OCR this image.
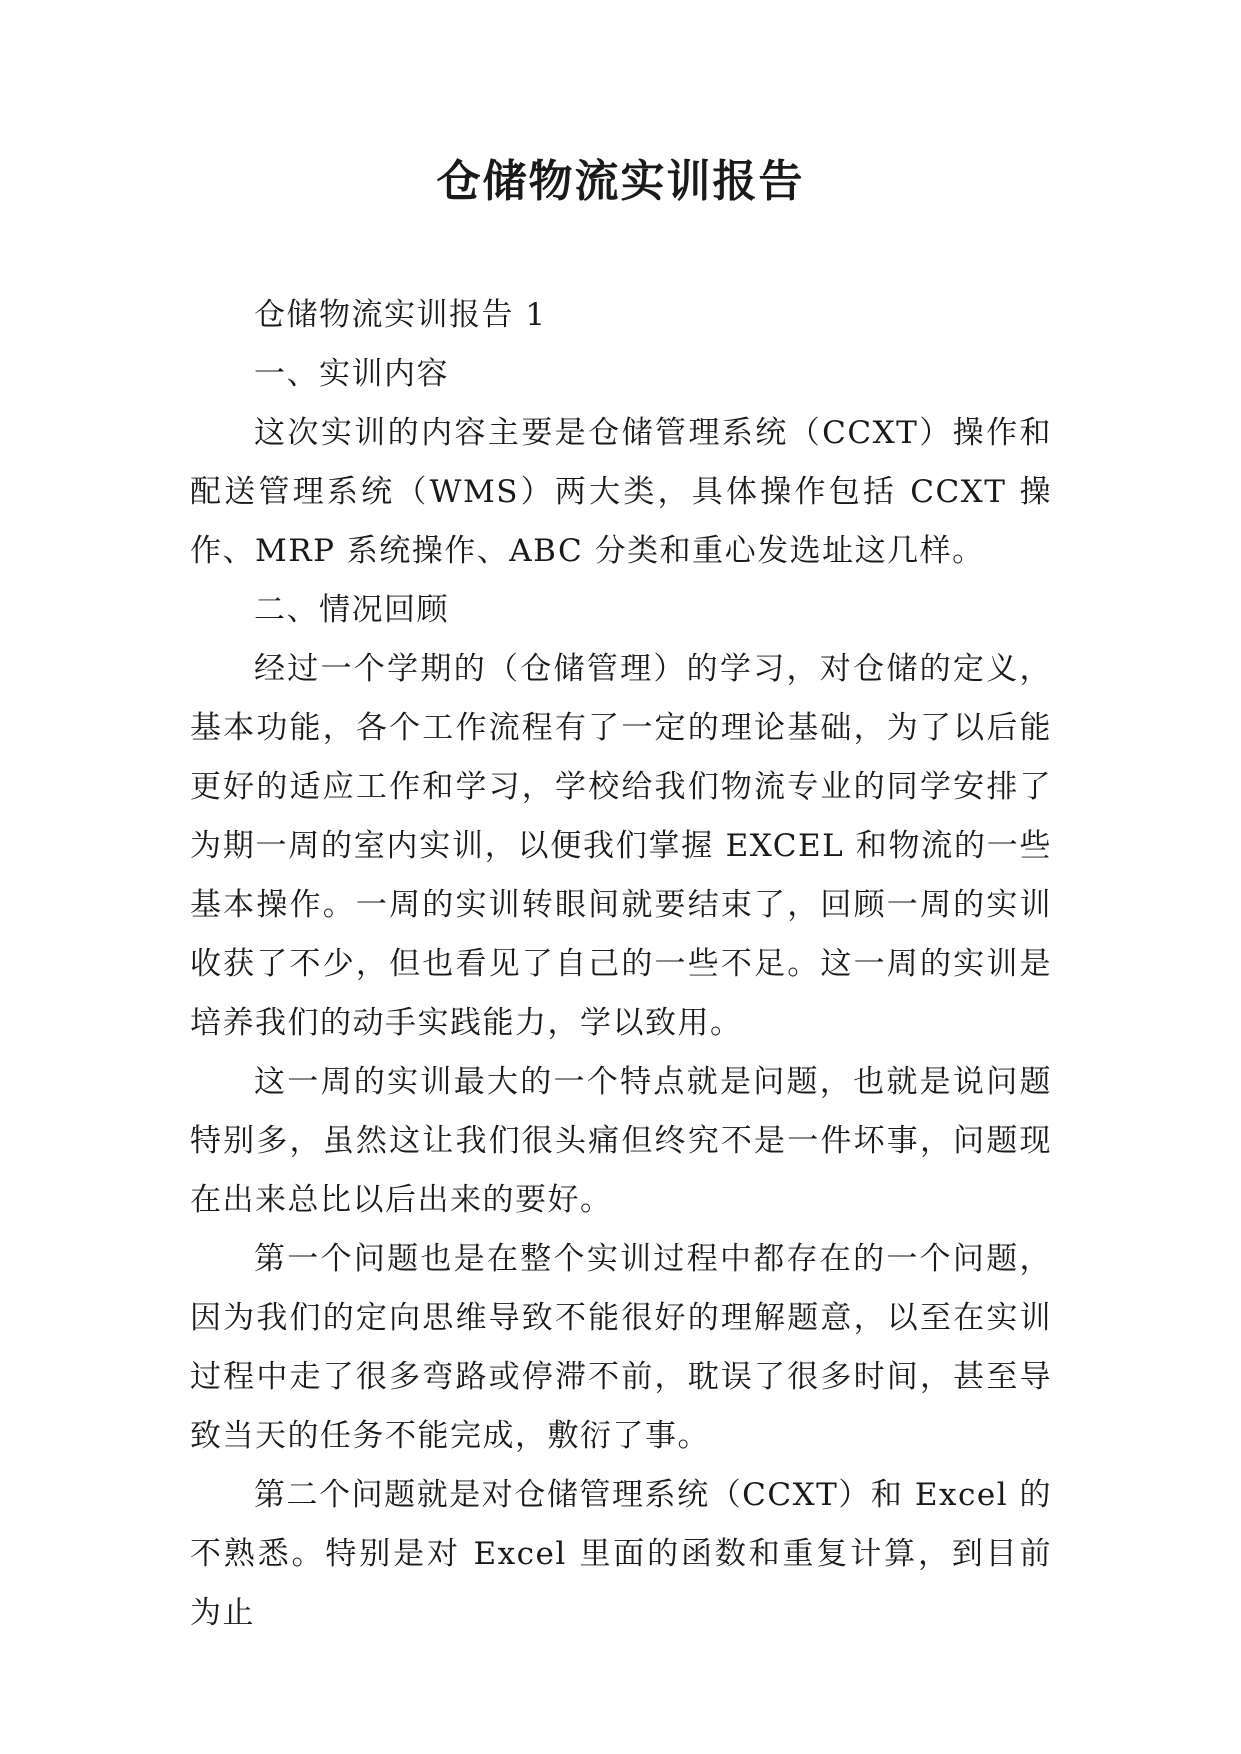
仓储物流实训报告

仓储物流实训报告 1

一、实训内容

这次实训的内容主要是仓储管理系统（CCXT）操作和配送管理系统（WMS）两大类，具体操作包括 CCXT 操作、MRP 系统操作、ABC 分类和重心发选址这几样。

二、情况回顾

经过一个学期的（仓储管理）的学习，对仓储的定义，基本功能，各个工作流程有了一定的理论基础，为了以后能更好的适应工作和学习，学校给我们物流专业的同学安排了为期一周的室内实训，以便我们掌握 EXCEL 和物流的一些基本操作。一周的实训转眼间就要结束了，回顾一周的实训收获了不少，但也看见了自己的一些不足。这一周的实训是培养我们的动手实践能力，学以致用。

这一周的实训最大的一个特点就是问题，也就是说问题特别多，虽然这让我们很头痛但终究不是一件坏事，问题现在出来总比以后出来的要好。

第一个问题也是在整个实训过程中都存在的一个问题，因为我们的定向思维导致不能很好的理解题意，以至在实训过程中走了很多弯路或停滞不前，耽误了很多时间，甚至导致当天的任务不能完成，敷衍了事。

第二个问题就是对仓储管理系统（CCXT）和 Excel 的不熟悉。特别是对 Excel 里面的函数和重复计算，到目前为止
